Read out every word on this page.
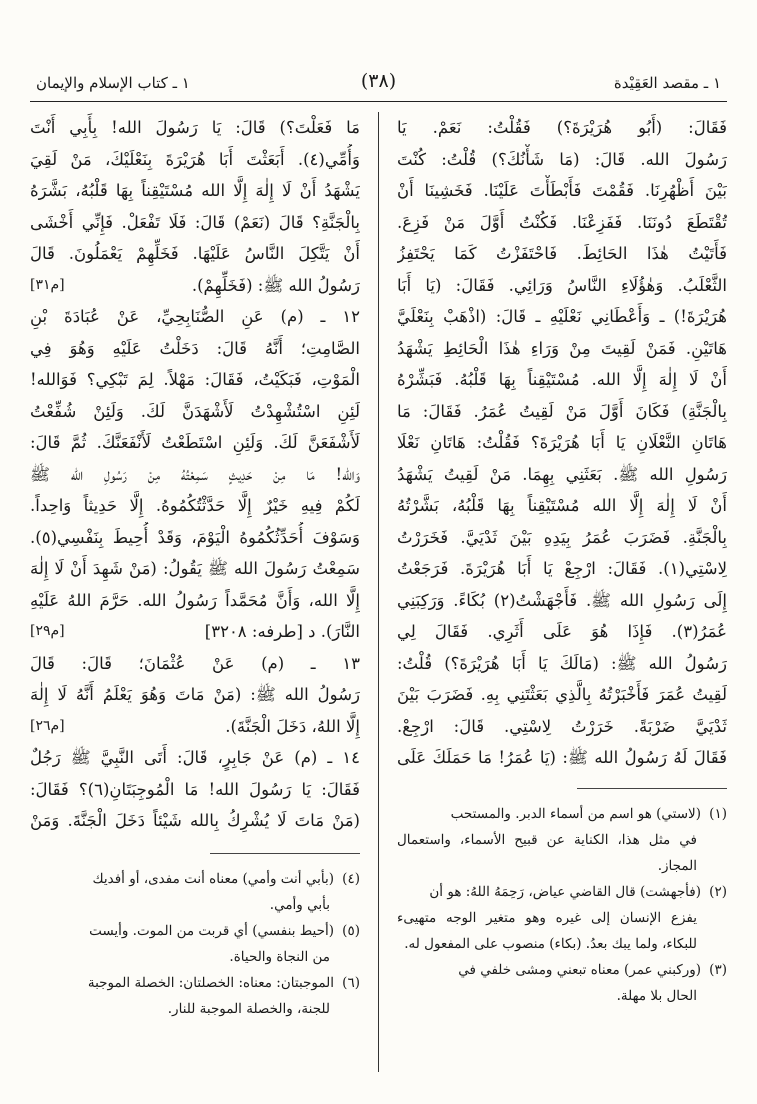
١ ـ مقصد العَقِيْدة
(٣٨)
١ ـ كتاب الإسلام والإيمان
فَقَالَ: (أَبُو هُرَيْرَةَ؟) فَقُلْتُ: نَعَمْ. يَا
رَسُولَ الله. قَالَ: (مَا شَأْنُكَ؟) قُلْتُ: كُنْتَ
بَيْنَ أَظْهُرِنَا. فَقُمْتَ فَأَبْطَأْتَ عَلَيْنَا. فَخَشِينَا أَنْ
تُقْتَطَعَ دُونَنَا. فَفَزِعْنَا. فَكُنْتُ أَوَّلَ مَنْ فَزِعَ.
فَأَتَيْتُ هٰذَا الحَائِطَ. فَاحْتَفَزْتُ كَمَا يَحْتَفِزُ
الثَّعْلَبُ. وَهٰؤُلَاءِ النَّاسُ وَرَائِي. فَقَالَ: (يَا أَبَا
هُرَيْرَةَ!) ـ وَأَعْطَانِي نَعْلَيْهِ ـ قَالَ: (اذْهَبْ بِنَعْلَيَّ
هَاتَيْنِ. فَمَنْ لَقِيتَ مِنْ وَرَاءِ هٰذَا الْحَائِطِ يَشْهَدُ
أَنْ لَا إِلٰهَ إِلَّا الله. مُسْتَيْقِناً بِهَا قَلْبُهُ. فَبَشِّرْهُ
بِالْجَنَّةِ) فَكَانَ أَوَّلَ مَنْ لَقِيتُ عُمَرُ. فَقَالَ: مَا
هَاتَانِ النَّعْلَانِ يَا أَبَا هُرَيْرَةَ؟ فَقُلْتُ: هَاتَانِ نَعْلَا
رَسُولِ الله ﷺ. بَعَثَنِي بِهِمَا. مَنْ لَقِيتُ يَشْهَدُ
أَنْ لَا إِلٰهَ إِلَّا الله مُسْتَيْقِناً بِهَا قَلْبُهُ، بَشَّرْتُهُ
بِالْجَنَّةِ. فَضَرَبَ عُمَرُ بِيَدِهِ بَيْنَ ثَدْيَيَّ. فَخَرَرْتُ
لِاسْتِي(١). فَقَالَ: ارْجِعْ يَا أَبَا هُرَيْرَةَ. فَرَجَعْتُ
إِلَى رَسُولِ الله ﷺ. فَأَجْهَشْتُ(٢) بُكَاءً. وَرَكِبَنِي
عُمَرُ(٣). فَإِذَا هُوَ عَلَى أَثَرِي. فَقَالَ لِي
رَسُولُ الله ﷺ: (مَالَكَ يَا أَبَا هُرَيْرَةَ؟) قُلْتُ:
لَقِيتُ عُمَرَ فَأَخْبَرْتُهُ بِالَّذِي بَعَثْتَنِي بِهِ. فَضَرَبَ بَيْنَ
ثَدْيَيَّ ضَرْبَةً. خَرَرْتُ لِاسْتِي. قَالَ: ارْجِعْ.
فَقَالَ لَهُ رَسُولُ الله ﷺ: (يَا عُمَرُ! مَا حَمَلَكَ عَلَى
(١)(لاستي) هو اسم من أسماء الدبر. والمستحب
في مثل هذا، الكناية عن قبيح الأسماء، واستعمال المجاز.
(٢)(فأجهشت) قال القاضي عياض، رَحِمَهُ اللهُ: هو أن
يفزع الإنسان إلى غيره وهو متغير الوجه متهيىء للبكاء، ولما يبك بعدُ. (بكاء) منصوب على المفعول له.
(٣)(وركبني عمر) معناه تبعني ومشى خلفي في
الحال بلا مهلة.
مَا فَعَلْتَ؟) قَالَ: يَا رَسُولَ الله! بِأَبِي أَنْتَ
وَأُمِّي(٤). أَبَعَثْتَ أَبَا هُرَيْرَةَ بِنَعْلَيْكَ، مَنْ لَقِيَ
يَشْهَدُ أَنْ لَا إِلٰهَ إِلَّا الله مُسْتَيْقِناً بِهَا قَلْبُهُ، بَشَّرَهُ
بِالْجَنَّةِ؟ قَالَ (نَعَمْ) قَالَ: فَلَا تَفْعَلْ. فَإِنِّي أَخْشَى
أَنْ يَتَّكِلَ النَّاسُ عَلَيْهَا. فَخَلِّهِمْ يَعْمَلُونَ. قَالَ
[م٣١]	رَسُولُ الله ﷺ: (فَخَلِّهِمْ).
١٢ ـ (م) عَنِ الصُّنَابِحِيِّ، عَنْ عُبَادَةَ بْنِ
الصَّامِتِ؛ أَنَّهُ قَالَ: دَخَلْتُ عَلَيْهِ وَهُوَ فِي
الْمَوْتِ، فَبَكَيْتُ، فَقَالَ: مَهْلاً. لِمَ تَبْكِي؟ فَوَالله!
لَئِنِ اسْتُشْهِدْتُ لَأَشْهَدَنَّ لَكَ. وَلَئِنْ شُفِّعْتُ
لَأَشْفَعَنَّ لَكَ. وَلَئِنِ اسْتَطَعْتُ لَأَنْفَعَنَّكَ. ثُمَّ قَالَ:
وَالله! مَا مِنْ حَدِيثٍ سَمِعْتُهُ مِنْ رَسُولِ الله ﷺ
لَكُمْ فِيهِ خَيْرٌ إِلَّا حَدَّثْتُكُمُوهُ. إِلَّا حَدِيثاً وَاحِداً.
وَسَوْفَ أُحَدِّثُكُمُوهُ الْيَوْمَ، وَقَدْ أُحِيطَ بِنَفْسِي(٥).
سَمِعْتُ رَسُولَ الله ﷺ يَقُولُ: (مَنْ شَهِدَ أَنْ لَا إِلٰهَ
إِلَّا الله، وَأَنَّ مُحَمَّداً رَسُولُ الله. حَرَّمَ اللهُ عَلَيْهِ
[م٢٩]	النَّارَ). د [طرفه: ٣٢٠٨]
١٣ ـ (م) عَنْ عُثْمَانَ؛ قَالَ: قَالَ
رَسُولُ الله ﷺ: (مَنْ مَاتَ وَهُوَ يَعْلَمُ أَنَّهُ لَا إِلٰهَ
[م٢٦]	إِلَّا اللهُ، دَخَلَ الْجَنَّةَ).
١٤ ـ (م) عَنْ جَابِرٍ، قَالَ: أَتَى النَّبِيَّ ﷺ رَجُلٌ
فَقَالَ: يَا رَسُولَ الله! مَا الْمُوجِبَتَانِ(٦)؟ فَقَالَ:
(مَنْ مَاتَ لَا يُشْرِكُ بِالله شَيْئاً دَخَلَ الْجَنَّةَ. وَمَنْ
(٤)(بأبي أنت وأمي) معناه أنت مفدى، أو أفديك
بأبي وأمي.
(٥)(أحيط بنفسي) أي قربت من الموت. وأيست
من النجاة والحياة.
(٦)الموجبتان: معناه: الخصلتان: الخصلة الموجبة
للجنة، والخصلة الموجبة للنار.
